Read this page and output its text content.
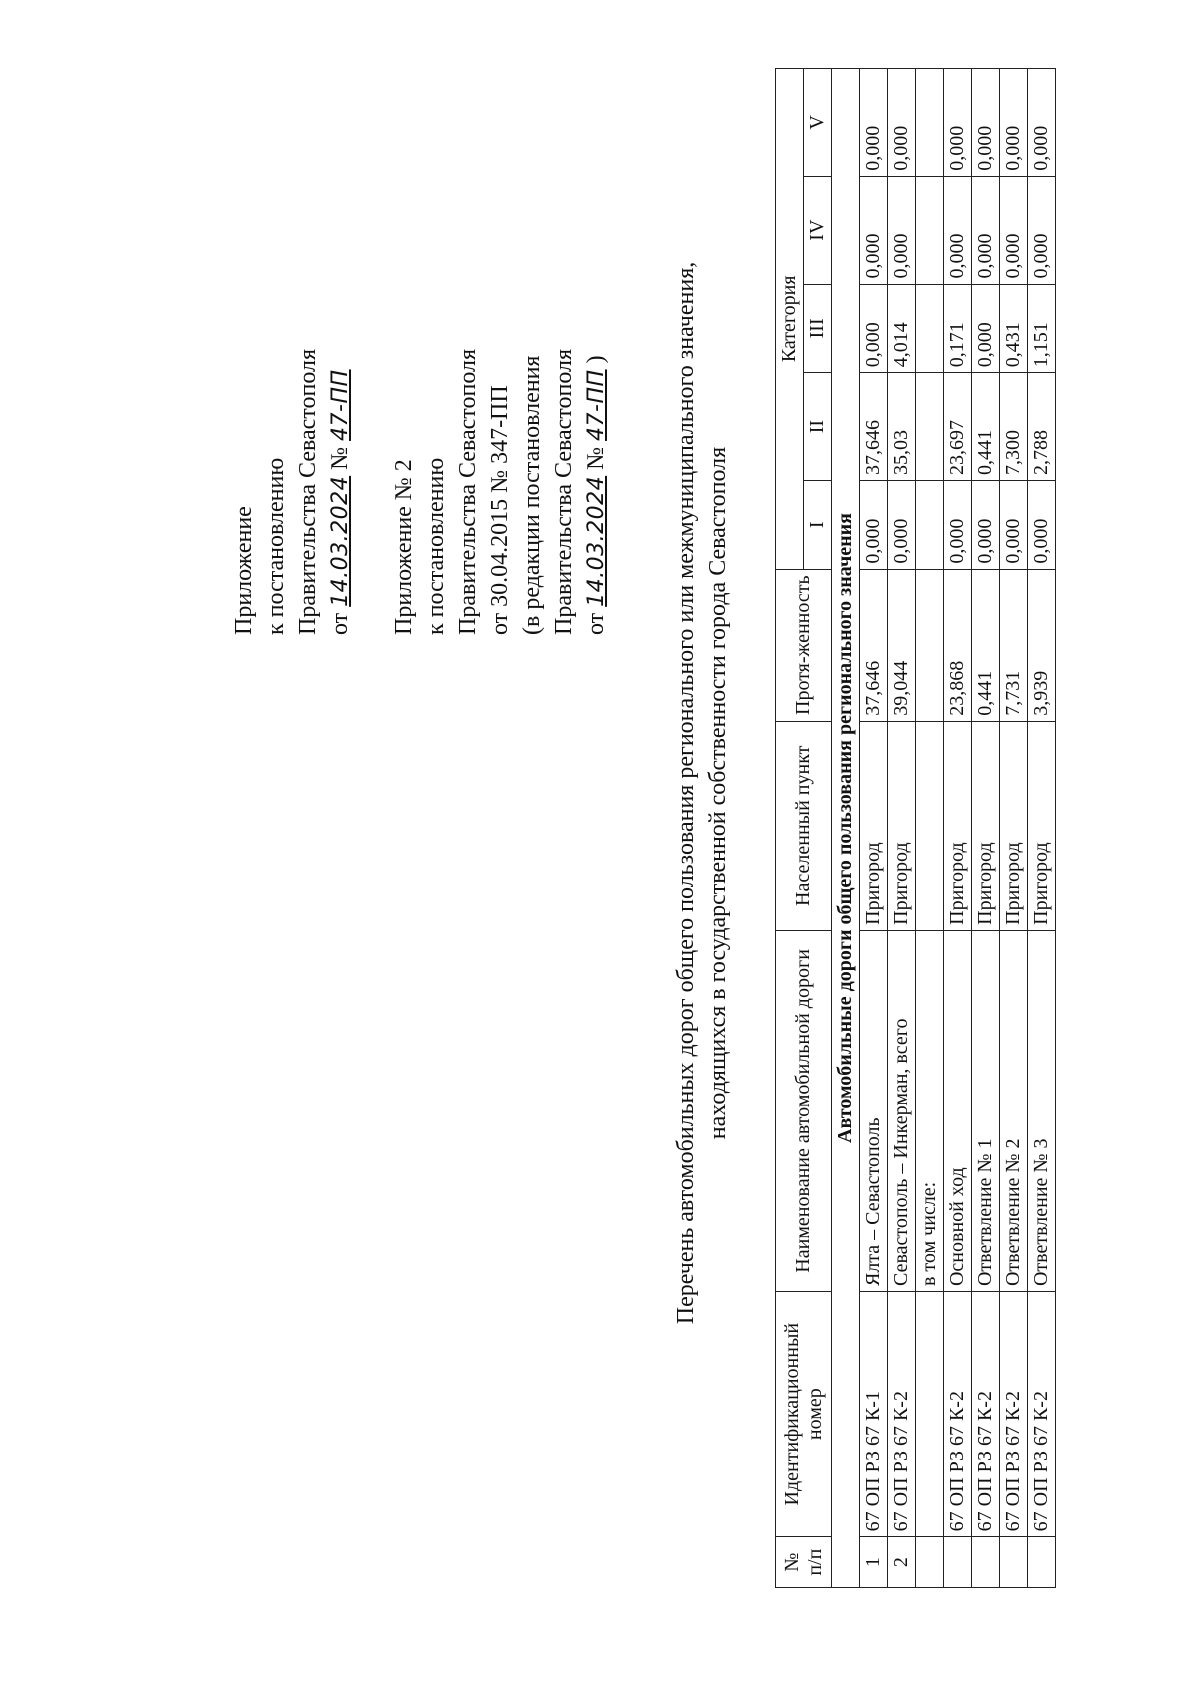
Приложение к постановлению Правительства Севастополя от 14.03.2024 № 47-ПП
Приложение № 2 к постановлению Правительства Севастополя от 30.04.2015 № 347-ПП (в редакции постановления Правительства Севастополя от 14.03.2024 № 47-ПП )	Перечень автомобильных дорог общего пользования регионального или межмуниципального значения, находящихся в государственной собственности города Севастополя
№ п/п	Идентификационный номер	Наименование автомобильной дороги	Населенный пункт	Протя-женность	Категория				
					I	II	III	IV	V
Автомобильные дороги общего пользования регионального значения									
1	67 ОП РЗ 67 К-1	Ялта – Севастополь	Пригород	37,646	0,000	37,646	0,000	0,000	0,000
2	67 ОП РЗ 67 К-2	Севастополь – Инкерман, всего	Пригород	39,044	0,000	35,03	4,014	0,000	0,000
		в том числе:							
	67 ОП РЗ 67 К-2	Основной ход	Пригород	23,868	0,000	23,697	0,171	0,000	0,000
	67 ОП РЗ 67 К-2	Ответвление № 1	Пригород	0,441	0,000	0,441	0,000	0,000	0,000
	67 ОП РЗ 67 К-2	Ответвление № 2	Пригород	7,731	0,000	7,300	0,431	0,000	0,000
	67 ОП РЗ 67 К-2	Ответвление № 3	Пригород	3,939	0,000	2,788	1,151	0,000	0,000
